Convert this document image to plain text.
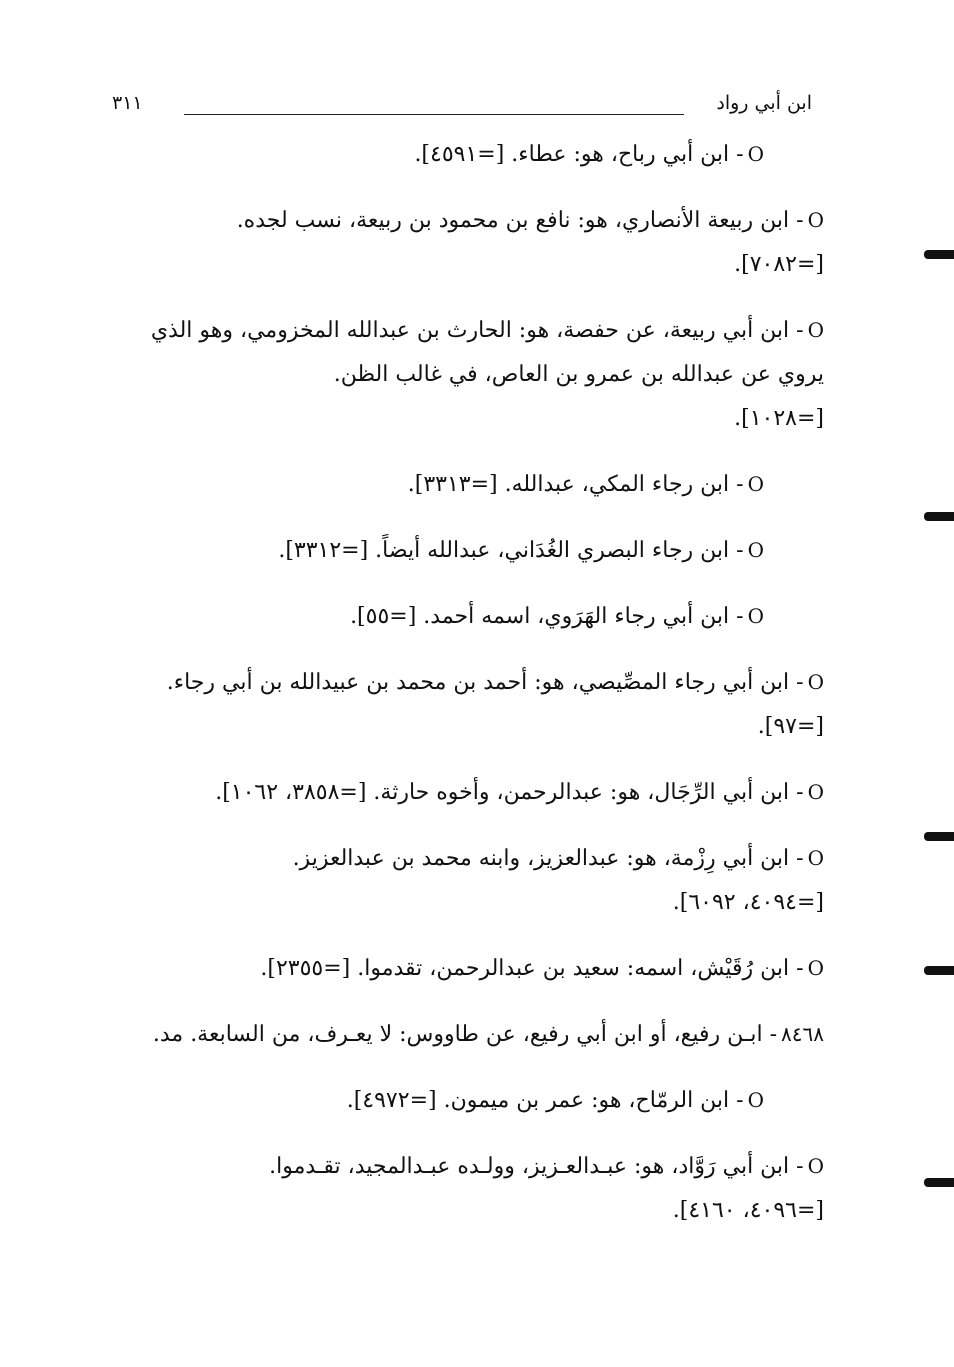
ابن أبي رواد
٣١١
O- ابن أبي رباح، هو: عطاء. [=٤٥٩١].
O- ابن ربيعة الأنصاري، هو: نافع بن محمود بن ربيعة، نسب لجده.
[=٧٠٨٢].
O- ابن أبي ربيعة، عن حفصة، هو: الحارث بن عبدالله المخزومي، وهو الذي يروي عن عبدالله بن عمرو بن العاص، في غالب الظن.
[=١٠٢٨].
O- ابن رجاء المكي، عبدالله. [=٣٣١٣].
O- ابن رجاء البصري الغُدَاني، عبدالله أيضاً. [=٣٣١٢].
O- ابن أبي رجاء الهَرَوي، اسمه أحمد. [=٥٥].
O- ابن أبي رجاء المصِّيصي، هو: أحمد بن محمد بن عبيدالله بن أبي رجاء. [=٩٧].
O- ابن أبي الرِّجَال، هو: عبدالرحمن، وأخوه حارثة. [=٣٨٥٨، ١٠٦٢].
O- ابن أبي رِزْمة، هو: عبدالعزيز، وابنه محمد بن عبدالعزيز.
[=٤٠٩٤، ٦٠٩٢].
O- ابن رُقَيْش، اسمه: سعيد بن عبدالرحمن، تقدموا. [=٢٣٥٥].
٨٤٦٨- ابـن رفيع، أو ابن أبي رفيع، عن طاووس: لا يعـرف، من السابعة. مد.
O- ابن الرمّاح، هو: عمر بن ميمون. [=٤٩٧٢].
O- ابن أبي رَوَّاد، هو: عبـدالعـزيز، وولـده عبـدالمجيد، تقـدموا.
[=٤٠٩٦، ٤١٦٠].
